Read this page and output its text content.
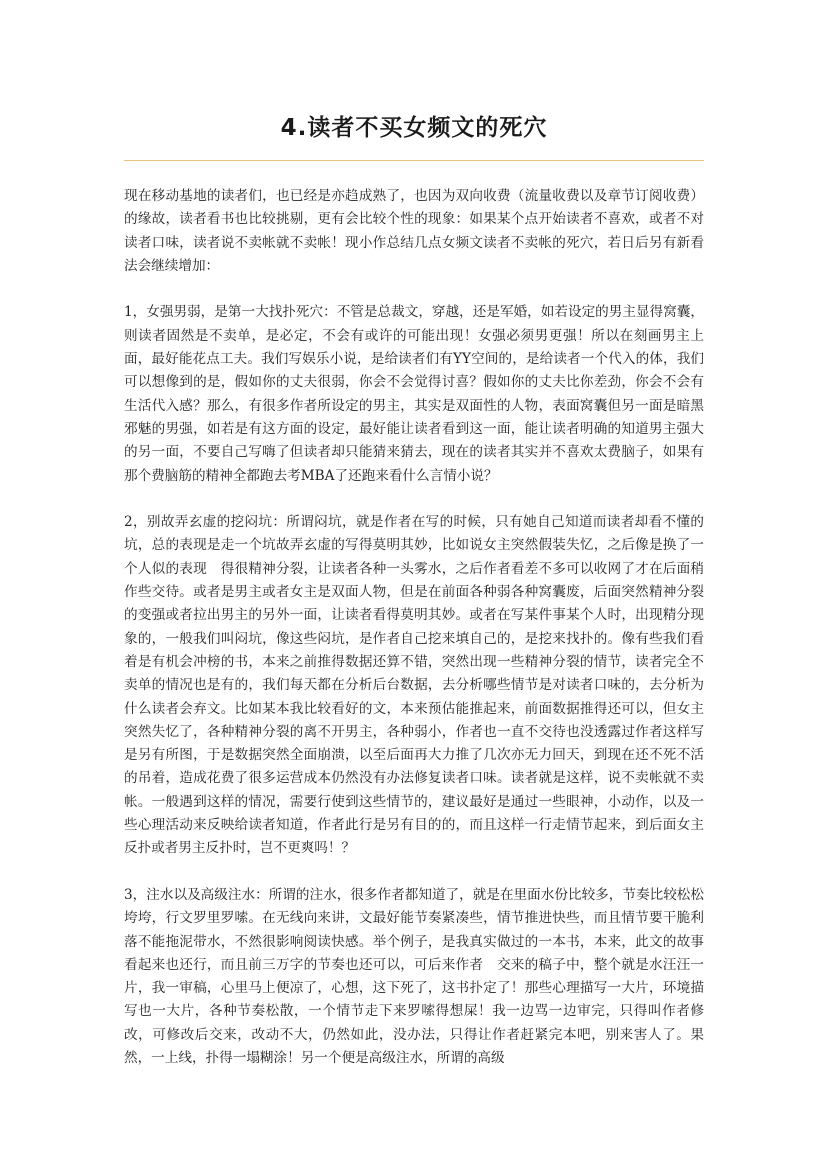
4.读者不买女频文的死穴

现在移动基地的读者们，也已经是亦趋成熟了，也因为双向收费（流量收费以及章节订阅收费）的缘故，读者看书也比较挑剔，更有会比较个性的现象：如果某个点开始读者不喜欢，或者不对读者口味，读者说不卖帐就不卖帐！现小作总结几点女频文读者不卖帐的死穴，若日后另有新看法会继续增加：

1，女强男弱，是第一大找扑死穴：不管是总裁文，穿越，还是军婚，如若设定的男主显得窝囊，则读者固然是不卖单，是必定，不会有或许的可能出现！女强必须男更强！所以在刻画男主上面，最好能花点工夫。我们写娱乐小说，是给读者们有YY空间的，是给读者一个代入的体，我们可以想像到的是，假如你的丈夫很弱，你会不会觉得讨喜？假如你的丈夫比你差劲，你会不会有生活代入感？那么，有很多作者所设定的男主，其实是双面性的人物，表面窝囊但另一面是暗黑邪魅的男强，如若是有这方面的设定，最好能让读者看到这一面，能让读者明确的知道男主强大的另一面，不要自己写嗨了但读者却只能猜来猜去，现在的读者其实并不喜欢太费脑子，如果有那个费脑筋的精神全都跑去考MBA了还跑来看什么言情小说？

2，别故弄玄虚的挖闷坑：所谓闷坑，就是作者在写的时候，只有她自己知道而读者却看不懂的坑，总的表现是走一个坑故弄玄虚的写得莫明其妙，比如说女主突然假装失忆，之后像是换了一个人似的表现　得很精神分裂，让读者各种一头雾水，之后作者看差不多可以收网了才在后面稍作些交待。或者是男主或者女主是双面人物，但是在前面各种弱各种窝囊废，后面突然精神分裂的变强或者拉出男主的另外一面，让读者看得莫明其妙。或者在写某件事某个人时，出现精分现象的，一般我们叫闷坑，像这些闷坑，是作者自己挖来填自己的，是挖来找扑的。像有些我们看着是有机会冲榜的书，本来之前推得数据还算不错，突然出现一些精神分裂的情节，读者完全不卖单的情况也是有的，我们每天都在分析后台数据，去分析哪些情节是对读者口味的，去分析为什么读者会弃文。比如某本我比较看好的文，本来预估能推起来，前面数据推得还可以，但女主突然失忆了，各种精神分裂的离不开男主，各种弱小，作者也一直不交待也没透露过作者这样写是另有所图，于是数据突然全面崩溃，以至后面再大力推了几次亦无力回天，到现在还不死不活的吊着，造成花费了很多运营成本仍然没有办法修复读者口味。读者就是这样，说不卖帐就不卖帐。一般遇到这样的情况，需要行使到这些情节的，建议最好是通过一些眼神，小动作，以及一些心理活动来反映给读者知道，作者此行是另有目的的，而且这样一行走情节起来，到后面女主反扑或者男主反扑时，岂不更爽吗！？

3，注水以及高级注水：所谓的注水，很多作者都知道了，就是在里面水份比较多，节奏比较松松垮垮，行文罗里罗嗦。在无线向来讲，文最好能节奏紧凑些，情节推进快些，而且情节要干脆利落不能拖泥带水，不然很影响阅读快感。举个例子，是我真实做过的一本书，本来，此文的故事看起来也还行，而且前三万字的节奏也还可以，可后来作者　交来的稿子中，整个就是水汪汪一片，我一审稿，心里马上便凉了，心想，这下死了，这书扑定了！那些心理描写一大片，环境描写也一大片，各种节奏松散，一个情节走下来罗嗦得想屎！我一边骂一边审完，只得叫作者修改，可修改后交来，改动不大，仍然如此，没办法，只得让作者赶紧完本吧，别来害人了。果然，一上线，扑得一塌糊涂！另一个便是高级注水，所谓的高级
